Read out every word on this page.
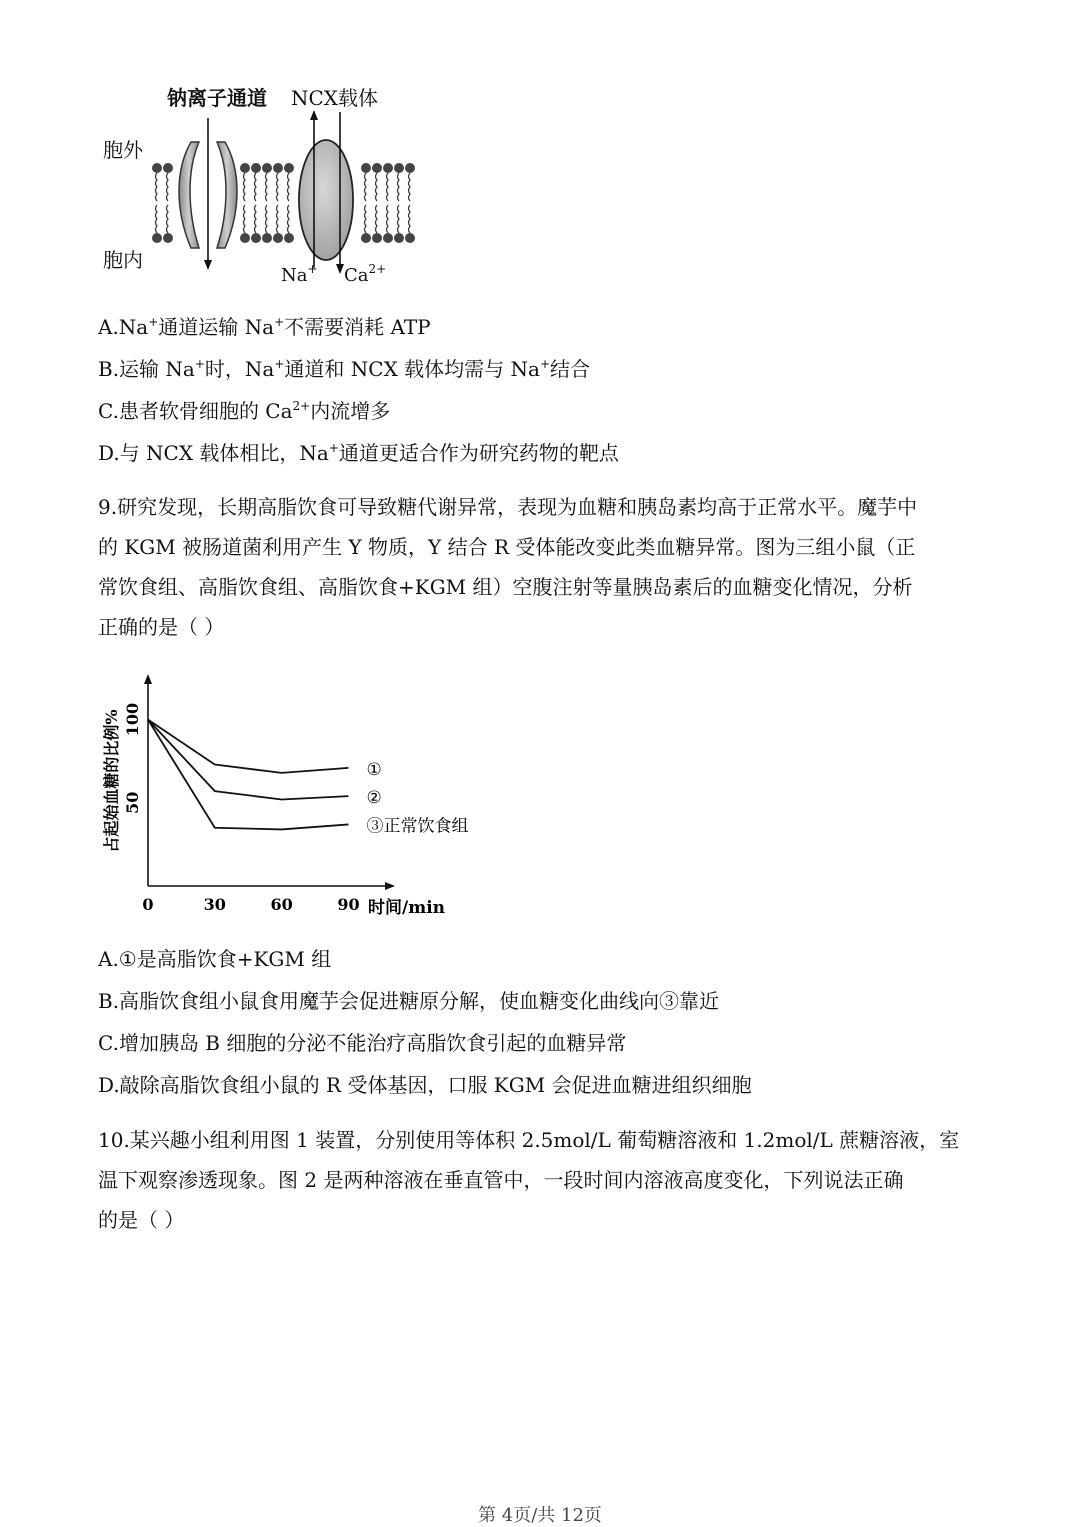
钠离子通道 NCX载体
胞外
胞内
Na+ $Ca^{2+}$
A.Na+通道运输 Na+不需要消耗 ATP
B.运输 Na+时，Na+通道和 NCX 载体均需与 Na+结合
C.患者软骨细胞的 $Ca^{2+}$内流增多
D.与 NCX 载体相比，Na+通道更适合作为研究药物的靶点
9.研究发现，长期高脂饮食可导致糖代谢异常，表现为血糖和胰岛素均高于正常水平。魔芋中
的 KGM 被肠道菌利用产生 Y 物质，Y 结合 R 受体能改变此类血糖异常。图为三组小鼠（正
常饮食组、高脂饮食组、高脂饮食+KGM 组）空腹注射等量胰岛素后的血糖变化情况，分析
正确的是（ ）
占起始血糖的比例%
时间/min
①
②
③正常饮食组
0	30	60	90
50
100
A.①是高脂饮食+KGM 组
B.高脂饮食组小鼠食用魔芋会促进糖原分解，使血糖变化曲线向③靠近
C.增加胰岛 B 细胞的分泌不能治疗高脂饮食引起的血糖异常
D.敲除高脂饮食组小鼠的 R 受体基因，口服 KGM 会促进血糖进组织细胞
10.某兴趣小组利用图 1 装置，分别使用等体积 2.5mol/L 葡萄糖溶液和 1.2mol/L 蔗糖溶液，室
温下观察渗透现象。图 2 是两种溶液在垂直管中，一段时间内溶液高度变化，下列说法正确
的是（ ）
第 4页/共 12页
